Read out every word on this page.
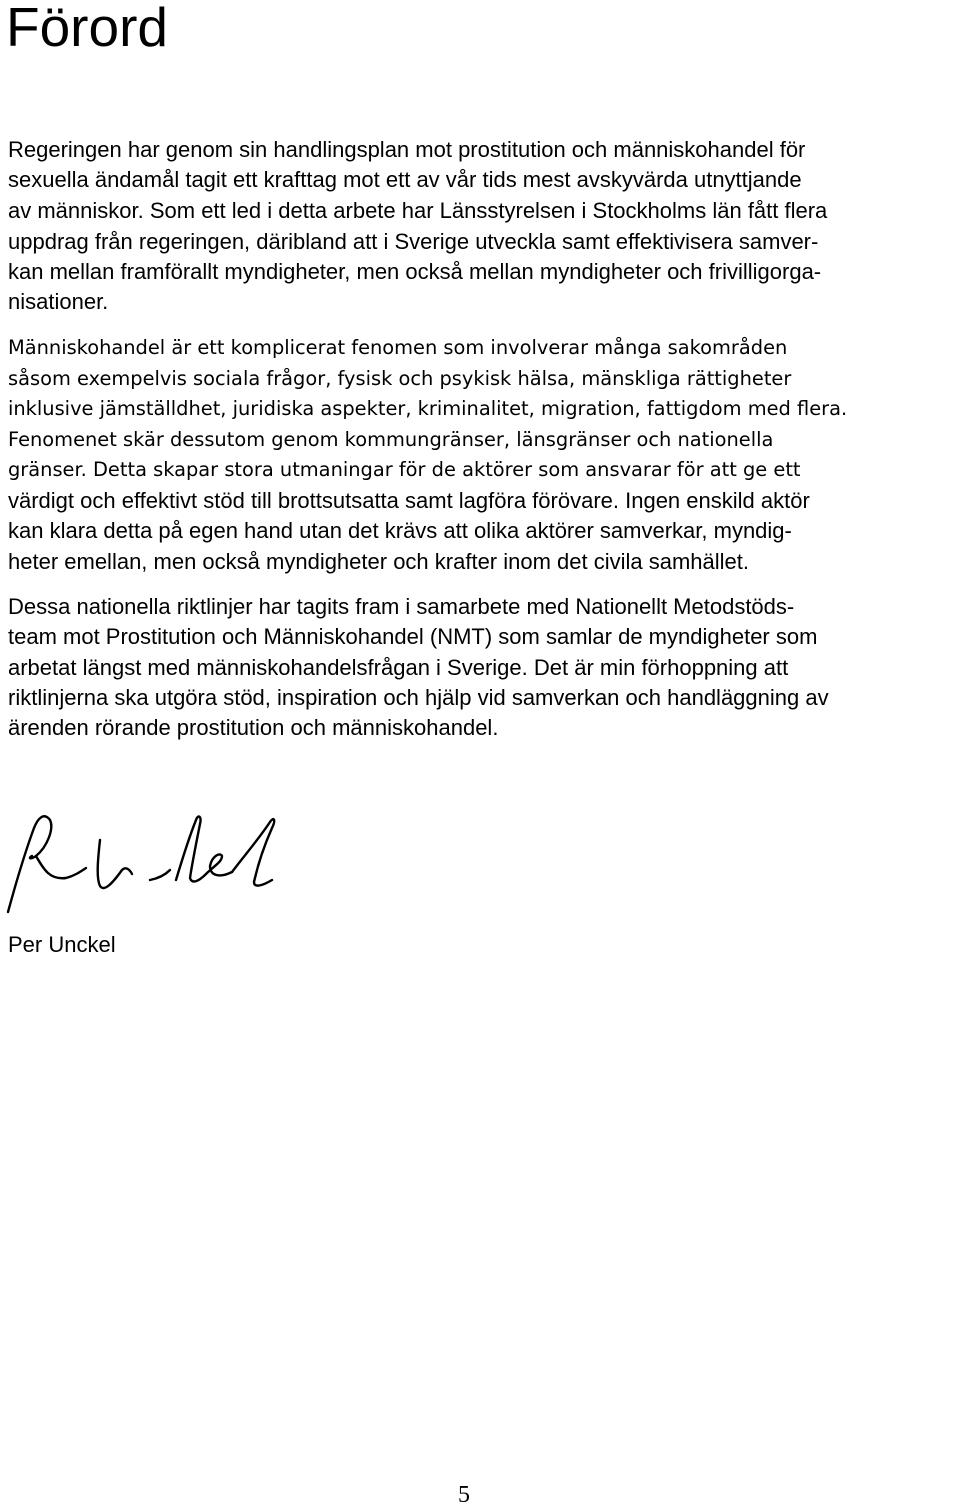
Förord

Regeringen har genom sin handlingsplan mot prostitution och människohandel för

sexuella ändamål tagit ett krafttag mot ett av vår tids mest avskyvärda utnyttjande

av människor. Som ett led i detta arbete har Länsstyrelsen i Stockholms län fått flera

uppdrag från regeringen, däribland att i Sverige utveckla samt effektivisera samver-

kan mellan framförallt myndigheter, men också mellan myndigheter och frivilligorga-

nisationer.

Människohandel är ett komplicerat fenomen som involverar många sakområden

såsom exempelvis sociala frågor, fysisk och psykisk hälsa, mänskliga rättigheter

inklusive jämställdhet, juridiska aspekter, kriminalitet, migration, fattigdom med flera.

Fenomenet skär dessutom genom kommungränser, länsgränser och nationella

gränser. Detta skapar stora utmaningar för de aktörer som ansvarar för att ge ett

värdigt och effektivt stöd till brottsutsatta samt lagföra förövare. Ingen enskild aktör

kan klara detta på egen hand utan det krävs att olika aktörer samverkar, myndig-

heter emellan, men också myndigheter och krafter inom det civila samhället.

Dessa nationella riktlinjer har tagits fram i samarbete med Nationellt Metodstöds-

team mot Prostitution och Människohandel (NMT) som samlar de myndigheter som

arbetat längst med människohandelsfrågan i Sverige. Det är min förhoppning att

riktlinjerna ska utgöra stöd, inspiration och hjälp vid samverkan och handläggning av

ärenden rörande prostitution och människohandel.

Per Unckel

5
